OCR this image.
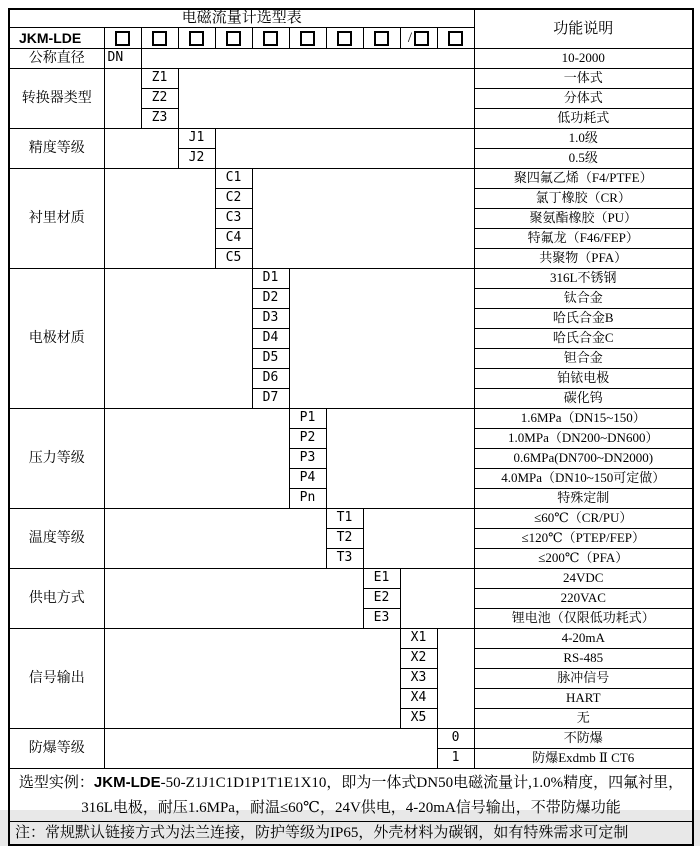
电磁流量计选型表											功能说明
JKM-LDE									/		
公称直径	DN										10-2000
转换器类型		Z1									一体式
		Z2									分体式
		Z3									低功耗式
精度等级			J1								1.0级
			J2								0.5级
衬里材质				C1							聚四氟乙烯（F4/PTFE）
				C2							氯丁橡胶（CR）
				C3							聚氨酯橡胶（PU）
				C4							特氟龙（F46/FEP）
				C5							共聚物（PFA）
电极材质					D1						316L不锈钢
					D2						钛合金
					D3						哈氏合金B
					D4						哈氏合金C
					D5						钽合金
					D6						铂铱电极
					D7						碳化钨
压力等级						P1					1.6MPa（DN15~150）
						P2					1.0MPa（DN200~DN600）
						P3					0.6MPa(DN700~DN2000)
						P4					4.0MPa（DN10~150可定做）
						Pn					特殊定制
温度等级							T1				≤60℃（CR/PU）
							T2				≤120℃（PTEP/FEP）
							T3				≤200℃（PFA）
供电方式								E1			24VDC
								E2			220VAC
								E3			锂电池（仅限低功耗式）
信号输出									X1		4-20mA
									X2		RS-485
									X3		脉冲信号
									X4		HART
									X5		无
防爆等级										0	不防爆
										1	防爆Exdmb Ⅱ CT6

选型实例：JKM-LDE-50-Z1J1C1D1P1T1E1X10，即为一体式DN50电磁流量计,1.0%精度，四氟衬里，
316L电极，耐压1.6MPa，耐温≤60℃，24V供电，4-20mA信号输出，不带防爆功能											

注：常规默认链接方式为法兰连接，防护等级为IP65，外壳材料为碳钢，如有特殊需求可定制											
